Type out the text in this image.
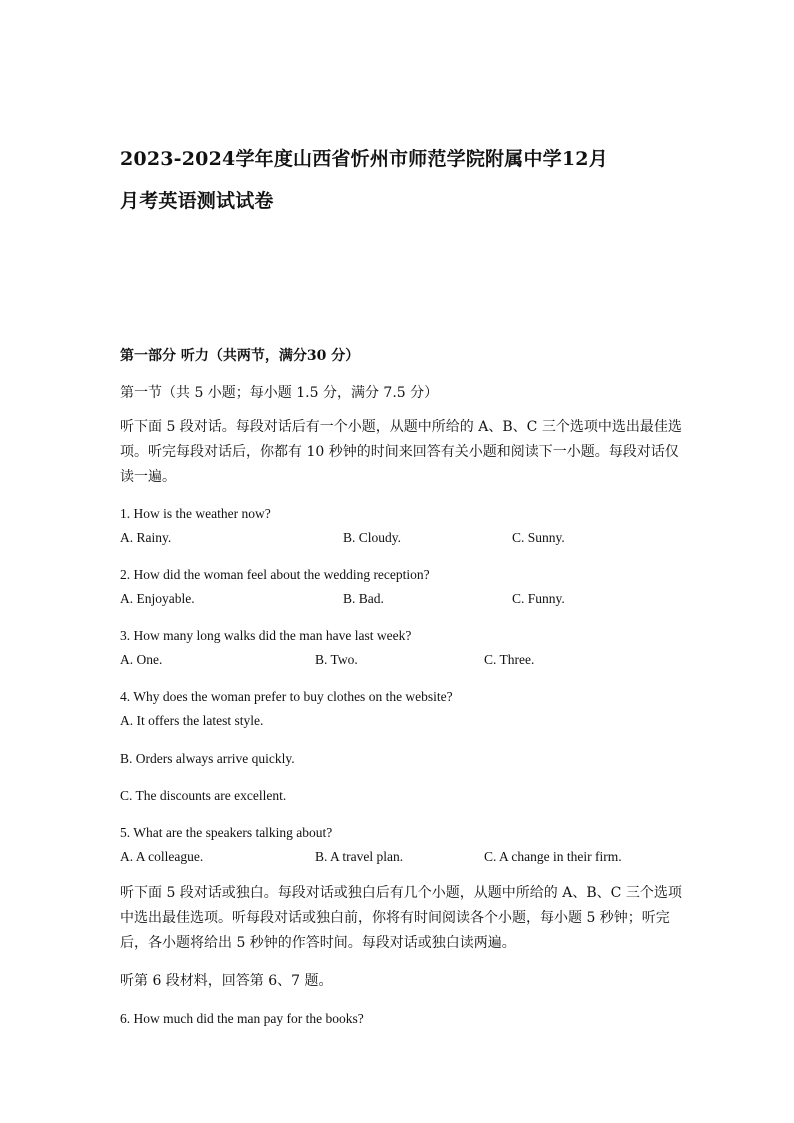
2023-2024学年度山西省忻州市师范学院附属中学12月
月考英语测试试卷
第一部分 听力（共两节，满分30 分）
第一节（共 5 小题；每小题 1.5 分，满分 7.5 分）
听下面 5 段对话。每段对话后有一个小题，从题中所给的 A、B、C 三个选项中选出最佳选项。听完每段对话后，你都有 10 秒钟的时间来回答有关小题和阅读下一小题。每段对话仅读一遍。
1. How is the weather now?
A. Rainy.	B. Cloudy.	C. Sunny.
2. How did the woman feel about the wedding reception?
A. Enjoyable.	B. Bad.	C. Funny.
3. How many long walks did the man have last week?
A. One.	B. Two.	C. Three.
4. Why does the woman prefer to buy clothes on the website?
A. It offers the latest style.
B. Orders always arrive quickly.
C. The discounts are excellent.
5. What are the speakers talking about?
A. A colleague.	B. A travel plan.	C. A change in their firm.
听下面 5 段对话或独白。每段对话或独白后有几个小题，从题中所给的 A、B、C 三个选项中选出最佳选项。听每段对话或独白前，你将有时间阅读各个小题，每小题 5 秒钟；听完后，各小题将给出 5 秒钟的作答时间。每段对话或独白读两遍。
听第 6 段材料，回答第 6、7 题。
6. How much did the man pay for the books?
